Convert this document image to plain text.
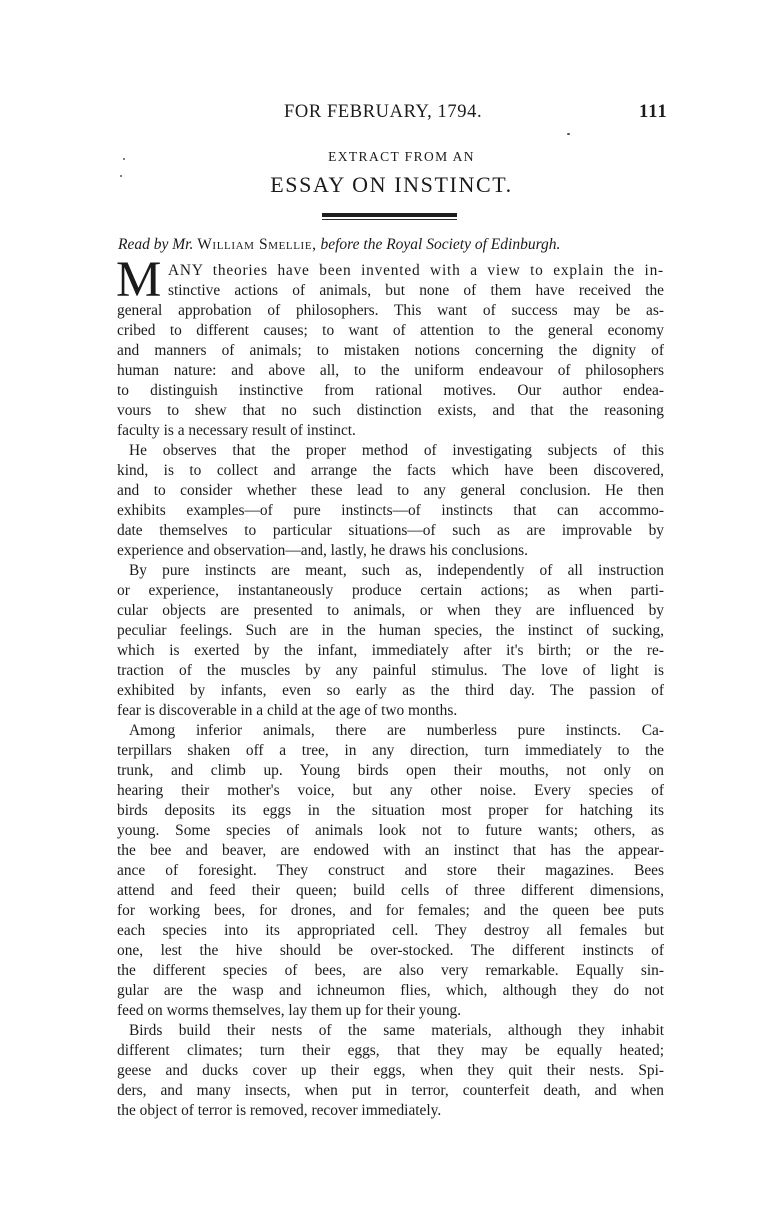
FOR FEBRUARY, 1794.	111
EXTRACT FROM AN
ESSAY ON INSTINCT.
Read by Mr. William Smellie, before the Royal Society of Edinburgh.
M ANY theories have been invented with a view to explain the in-
stinctive actions of animals, but none of them have received the
general approbation of philosophers. This want of success may be as-
cribed to different causes; to want of attention to the general economy
and manners of animals; to mistaken notions concerning the dignity of
human nature: and above all, to the uniform endeavour of philosophers
to distinguish instinctive from rational motives. Our author endea-
vours to shew that no such distinction exists, and that the reasoning
faculty is a necessary result of instinct.
He observes that the proper method of investigating subjects of this
kind, is to collect and arrange the facts which have been discovered,
and to consider whether these lead to any general conclusion. He then
exhibits examples—of pure instincts—of instincts that can accommo-
date themselves to particular situations—of such as are improvable by
experience and observation—and, lastly, he draws his conclusions.
By pure instincts are meant, such as, independently of all instruction
or experience, instantaneously produce certain actions; as when parti-
cular objects are presented to animals, or when they are influenced by
peculiar feelings. Such are in the human species, the instinct of sucking,
which is exerted by the infant, immediately after it's birth; or the re-
traction of the muscles by any painful stimulus. The love of light is
exhibited by infants, even so early as the third day. The passion of
fear is discoverable in a child at the age of two months.
Among inferior animals, there are numberless pure instincts. Ca-
terpillars shaken off a tree, in any direction, turn immediately to the
trunk, and climb up. Young birds open their mouths, not only on
hearing their mother's voice, but any other noise. Every species of
birds deposits its eggs in the situation most proper for hatching its
young. Some species of animals look not to future wants; others, as
the bee and beaver, are endowed with an instinct that has the appear-
ance of foresight. They construct and store their magazines. Bees
attend and feed their queen; build cells of three different dimensions,
for working bees, for drones, and for females; and the queen bee puts
each species into its appropriated cell. They destroy all females but
one, lest the hive should be over-stocked. The different instincts of
the different species of bees, are also very remarkable. Equally sin-
gular are the wasp and ichneumon flies, which, although they do not
feed on worms themselves, lay them up for their young.
Birds build their nests of the same materials, although they inhabit
different climates; turn their eggs, that they may be equally heated;
geese and ducks cover up their eggs, when they quit their nests. Spi-
ders, and many insects, when put in terror, counterfeit death, and when
the object of terror is removed, recover immediately.
